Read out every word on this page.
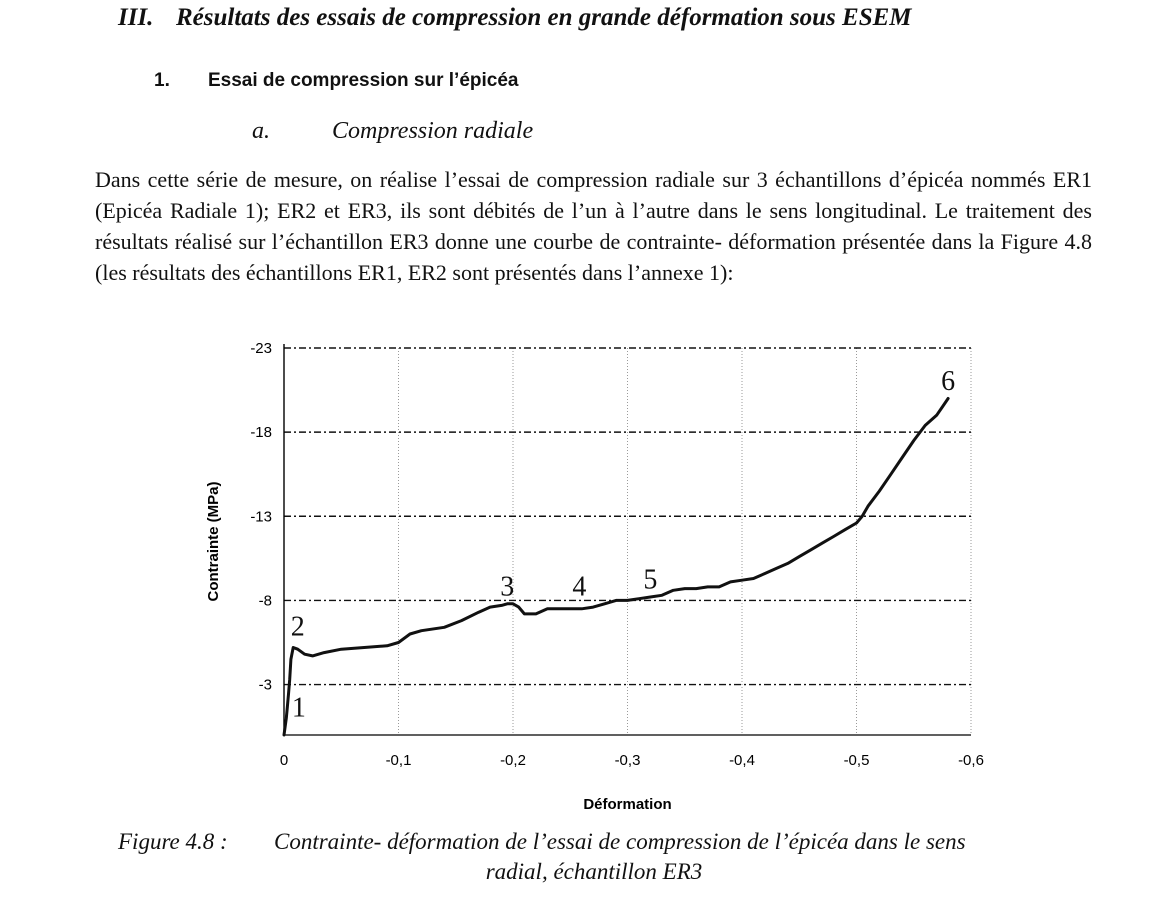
III. Résultats des essais de compression en grande déformation sous ESEM
1. Essai de compression sur l’épicéa
a.	Compression radiale

Dans cette série de mesure, on réalise l’essai de compression radiale sur 3 échantillons d’épicéa nommés ER1 (Epicéa Radiale 1); ER2 et ER3, ils sont débités de l’un à l’autre dans le sens longitudinal. Le traitement des résultats réalisé sur l’échantillon ER3 donne une courbe de contrainte- déformation présentée dans la Figure 4.8 (les résultats des échantillons ER1, ER2 sont présentés dans l’annexe 1):

0	-0,1	-0,2	-0,3	-0,4	-0,5	-0,6
-3
-8
-13
-18
-23
1
2
3 4 5
6
Déformation
Contrainte (MPa)
Figure 4.8 : Contrainte- déformation de l’essai de compression de l’épicéa dans le sens
radial, échantillon ER3
